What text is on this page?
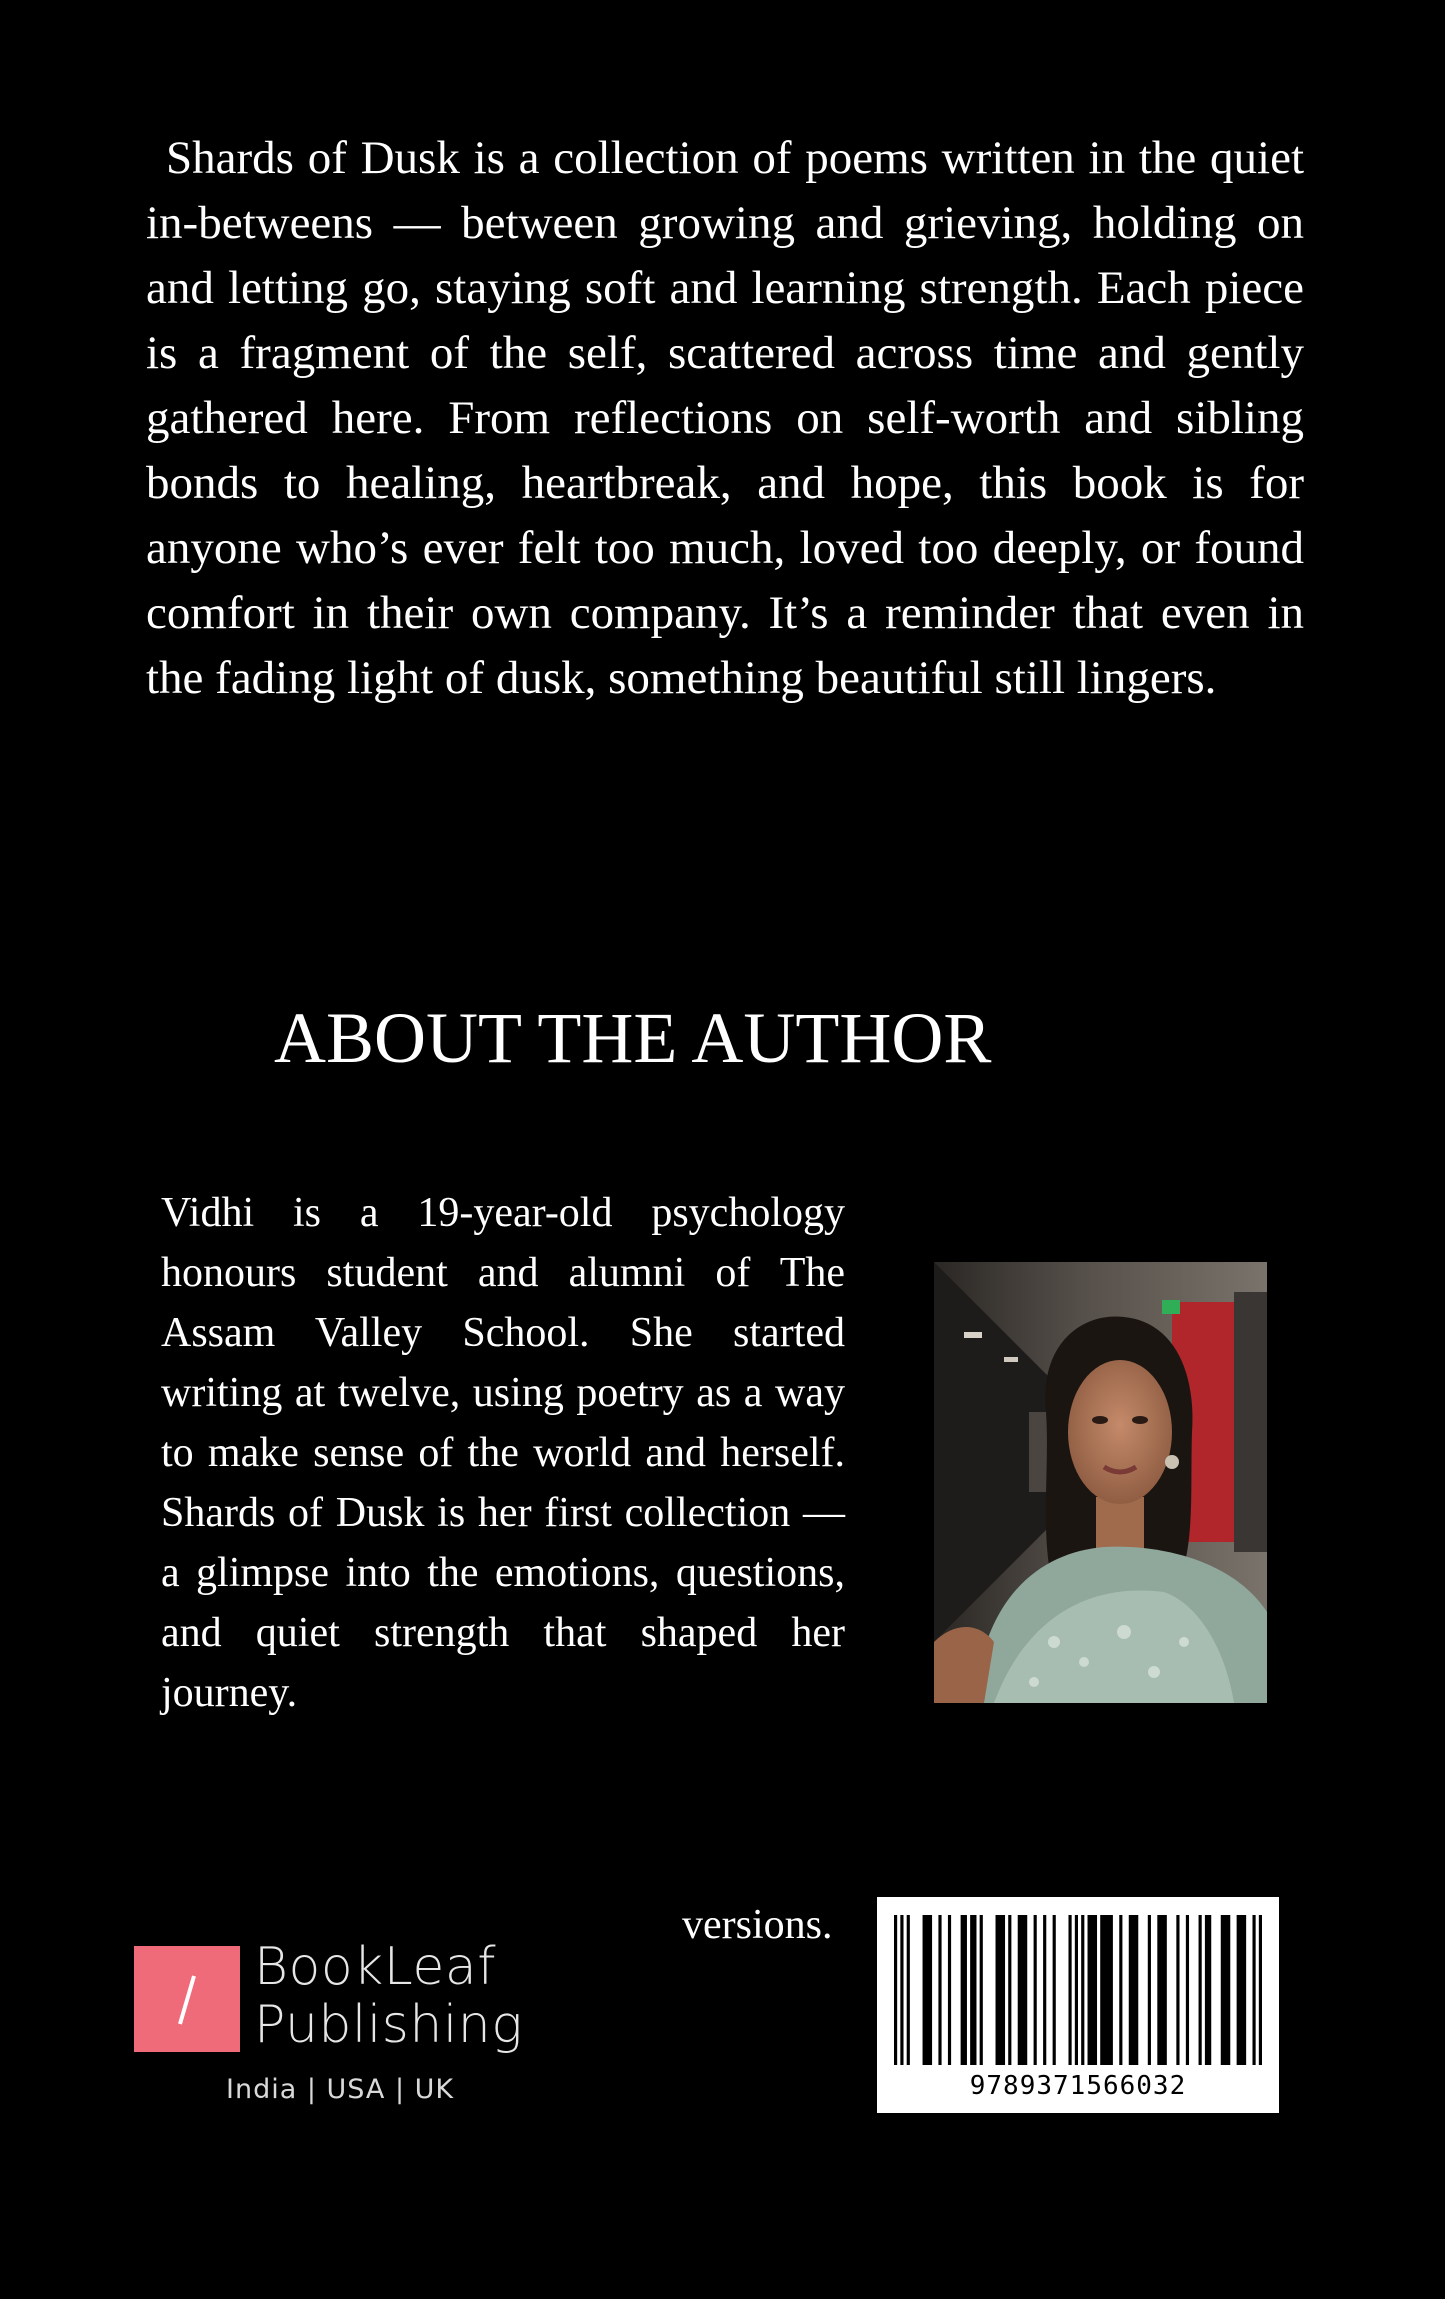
Shards of Dusk is a collection of poems written in the quiet in-betweens — between growing and grieving, holding on and letting go, staying soft and learning strength. Each piece is a fragment of the self, scattered across time and gently gathered here. From reflections on self-worth and sibling bonds to healing, heartbreak, and hope, this book is for anyone who’s ever felt too much, loved too deeply, or found comfort in their own company. It’s a reminder that even in the fading light of dusk, something beautiful still lingers.

ABOUT THE AUTHOR

Vidhi is a 19-year-old psychology honours student and alumni of The Assam Valley School. She started writing at twelve, using poetry as a way to make sense of the world and herself. Shards of Dusk is her first collection — a glimpse into the emotions, questions, and quiet strength that shaped her journey.

versions.

BookLeaf
Publishing
India | USA | UK	9789371566032
